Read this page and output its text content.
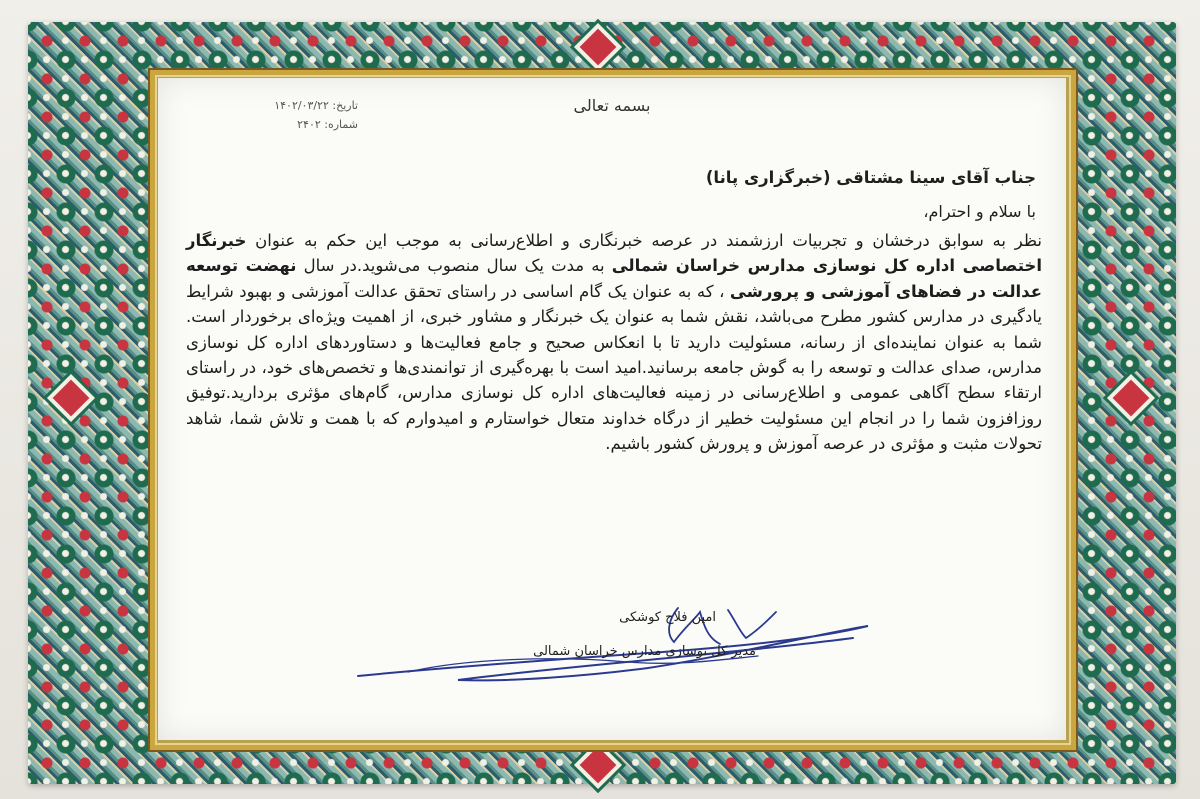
بسمه تعالی
تاریخ: ۱۴۰۲/۰۳/۲۲
شماره: ۲۴۰۲
جناب آقای سینا مشتاقی (خبرگزاری پانا)
با سلام و احترام،
نظر به سوابق درخشان و تجربیات ارزشمند در عرصه خبرنگاری و اطلاع‌رسانی به موجب این حکم به عنوان خبرنگار اختصاصی اداره کل نوسازی مدارس خراسان شمالی به مدت یک سال منصوب می‌شوید.در سال نهضت توسعه عدالت در فضاهای آموزشی و پرورشی ، که به عنوان یک گام اساسی در راستای تحقق عدالت آموزشی و بهبود شرایط یادگیری در مدارس کشور مطرح می‌باشد، نقش شما به عنوان یک خبرنگار و مشاور خبری، از اهمیت ویژه‌ای برخوردار است. شما به عنوان نماینده‌ای از رسانه، مسئولیت دارید تا با انعکاس صحیح و جامع فعالیت‌ها و دستاوردهای اداره کل نوسازی مدارس، صدای عدالت و توسعه را به گوش جامعه برسانید.امید است با بهره‌گیری از توانمندی‌ها و تخصص‌های خود، در راستای ارتقاء سطح آگاهی عمومی و اطلاع‌رسانی در زمینه فعالیت‌های اداره کل نوسازی مدارس، گام‌های مؤثری بردارید.توفیق روزافزون شما را در انجام این مسئولیت خطیر از درگاه خداوند متعال خواستارم و امیدوارم که با همت و تلاش شما، شاهد تحولات مثبت و مؤثری در عرصه آموزش و پرورش کشور باشیم.
امین فلاح کوشکی
مدیر کل نوسازی مدارس خراسان شمالی
